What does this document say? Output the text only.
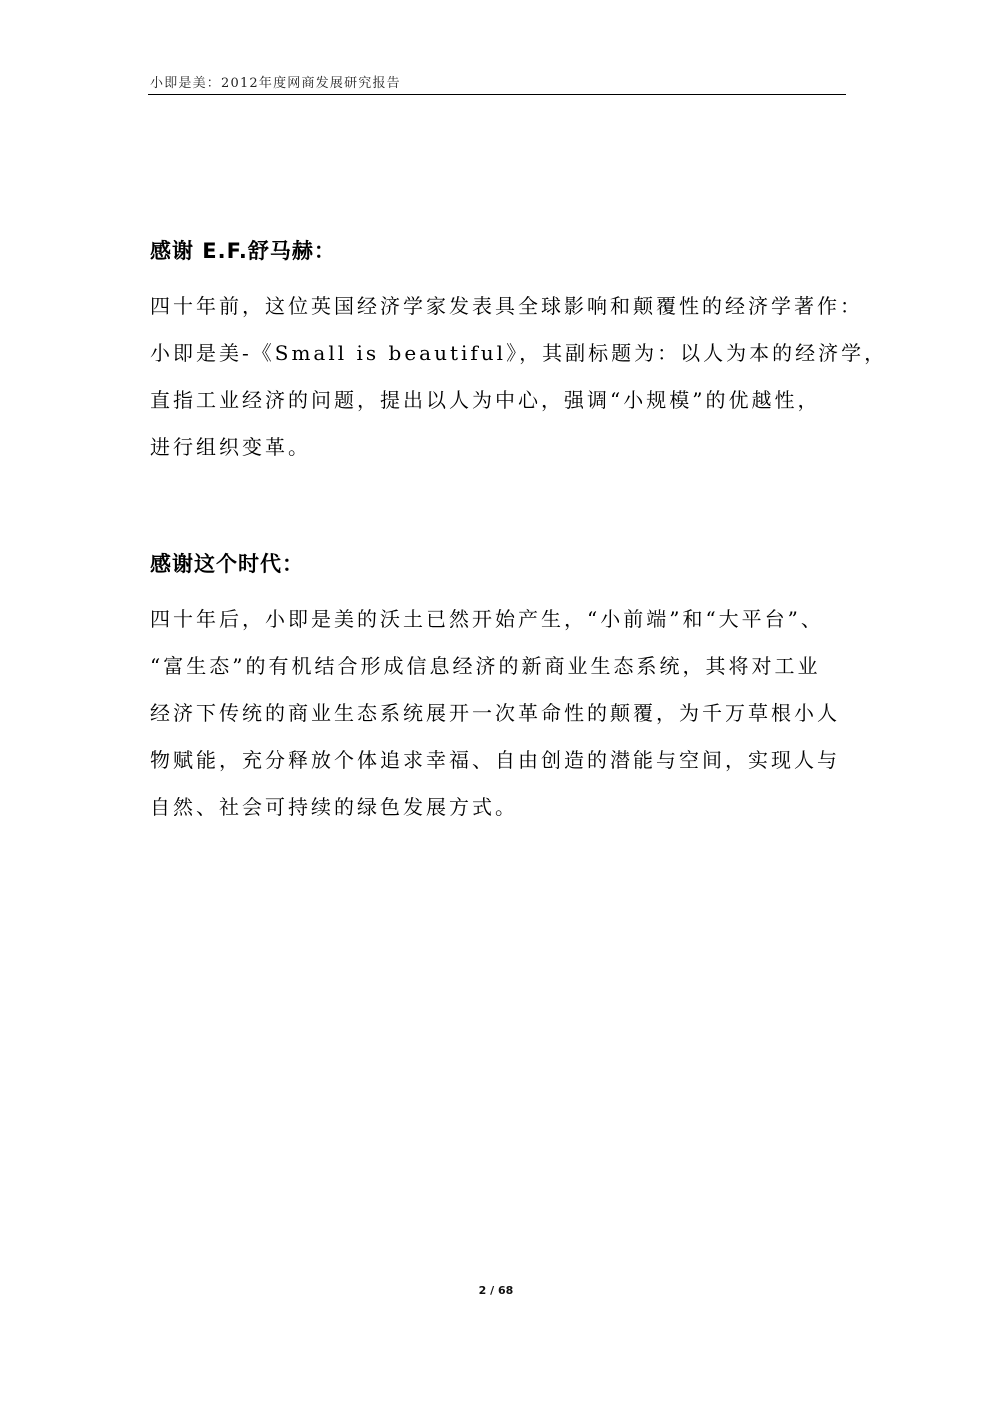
小即是美：2012年度网商发展研究报告
感谢 E.F.舒马赫：
四十年前，这位英国经济学家发表具全球影响和颠覆性的经济学著作：
小即是美-《Small is beautiful》，其副标题为：以人为本的经济学，
直指工业经济的问题，提出以人为中心，强调“小规模”的优越性，
进行组织变革。
感谢这个时代：
四十年后，小即是美的沃土已然开始产生，“小前端”和“大平台”、
“富生态”的有机结合形成信息经济的新商业生态系统，其将对工业
经济下传统的商业生态系统展开一次革命性的颠覆，为千万草根小人
物赋能，充分释放个体追求幸福、自由创造的潜能与空间，实现人与
自然、社会可持续的绿色发展方式。
2 / 68
